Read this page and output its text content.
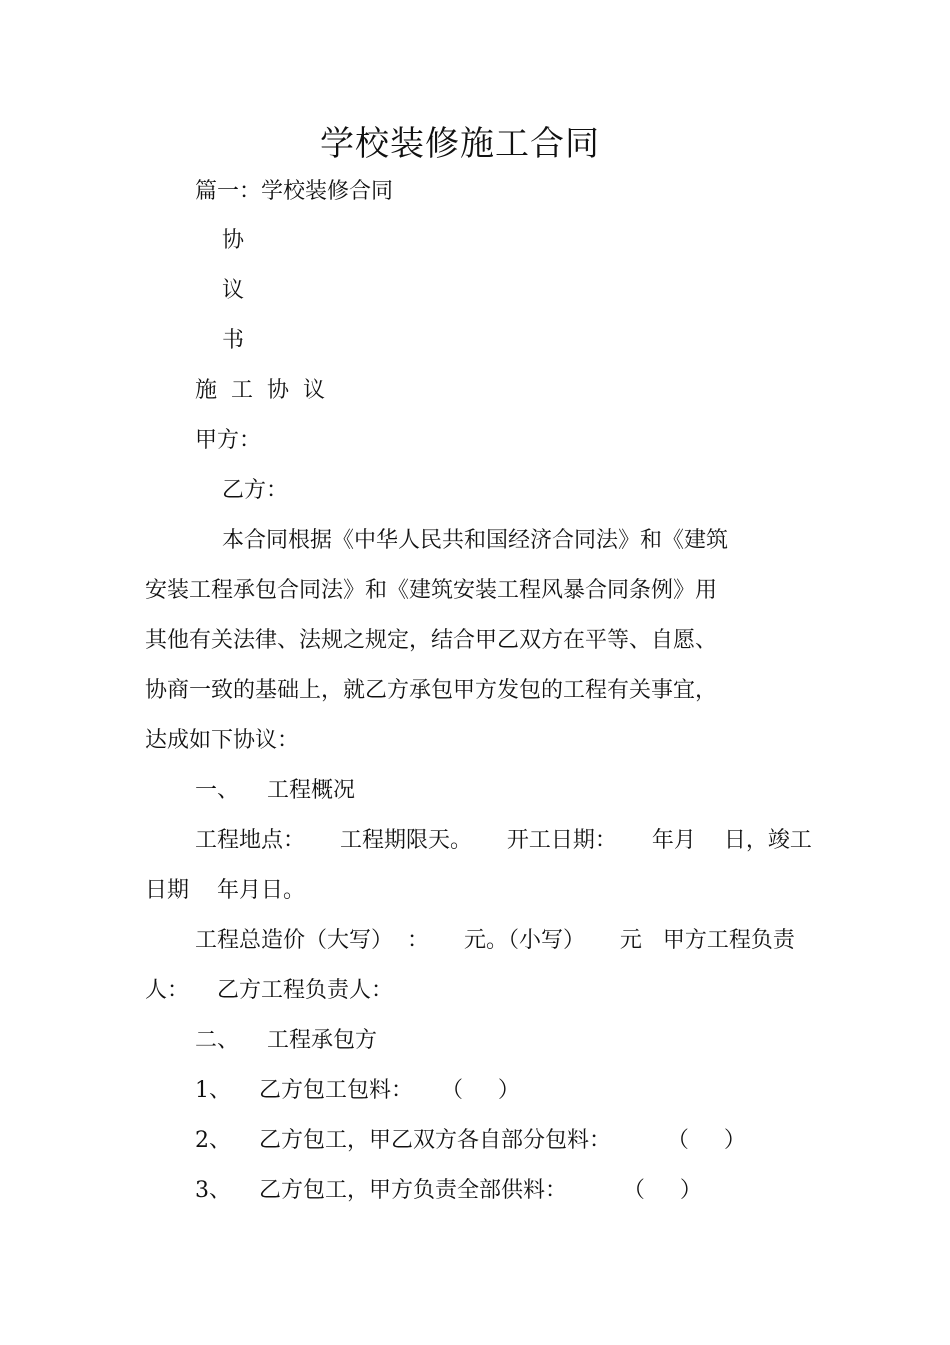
学校装修施工合同
篇一：学校装修合同
协
议
书
施  工  协  议
甲方：
乙方：
本合同根据《中华人民共和国经济合同法》和《建筑
安装工程承包合同法》和《建筑安装工程风暴合同条例》用
其他有关法律、法规之规定，结合甲乙双方在平等、自愿、
协商一致的基础上，就乙方承包甲方发包的工程有关事宜，
达成如下协议：
一、    工程概况
工程地点：     工程期限天。     开工日期：     年月    日，竣工
日期    年月日。
工程总造价（大写）  ：     元。（小写）     元   甲方工程负责
人：    乙方工程负责人：
二、    工程承包方
1、    乙方包工包料：    （     ）
2、    乙方包工，甲乙双方各自部分包料：        （     ）
3、    乙方包工，甲方负责全部供料：        （     ）
